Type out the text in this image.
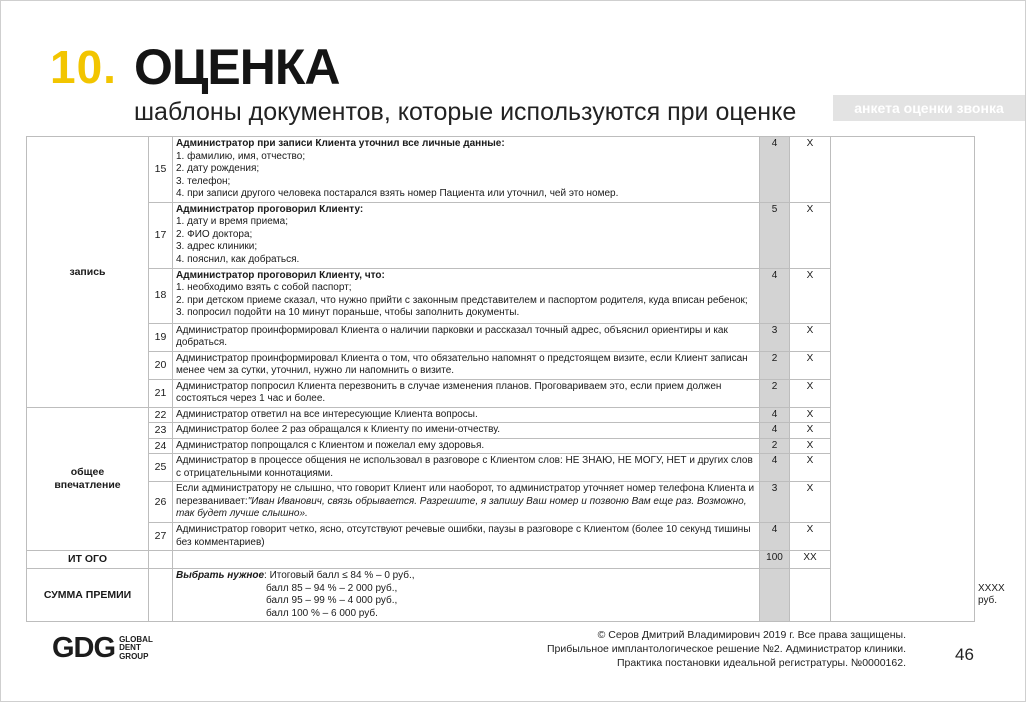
10. ОЦЕНКА
шаблоны документов, которые используются при оценке	анкета оценки звонка
запись	15	Администратор при записи Клиента уточнил все личные данные:
1. фамилию, имя, отчество;
2. дату рождения;
3. телефон;
4. при записи другого человека постарался взять номер Пациента или уточнил, чей это номер.	4	Х		
	17	Администратор проговорил Клиенту:
1. дату и время приема;
2. ФИО доктора;
3. адрес клиники;
4. пояснил, как добраться.	5	Х		
	18	Администратор проговорил Клиенту, что:
1. необходимо взять с собой паспорт;
2. при детском приеме сказал, что нужно прийти с законным представителем и паспортом родителя, куда вписан ребенок;
3. попросил подойти на 10 минут пораньше, чтобы заполнить документы.	4	Х		
	19	Администратор проинформировал Клиента о наличии парковки и рассказал точный адрес, объяснил ориентиры и как добраться.	3	Х		
	20	Администратор проинформировал Клиента о том, что обязательно напомнят о предстоящем визите, если Клиент записан менее чем за сутки, уточнил, нужно ли напомнить о визите.	2	Х		
	21	Администратор попросил Клиента перезвонить в случае изменения планов. Проговариваем это, если прием должен состояться через 1 час и более.	2	Х		
общее впечатление	22	Администратор ответил на все интересующие Клиента вопросы.	4	Х		
	23	Администратор более 2 раз обращался к Клиенту по имени-отчеству.	4	Х		
	24	Администратор попрощался с Клиентом и пожелал ему здоровья.	2	Х		
	25	Администратор в процессе общения не использовал в разговоре с Клиентом слов: НЕ ЗНАЮ, НЕ МОГУ, НЕТ и других слов с отрицательными коннотациями.	4	Х		
	26	Если администратору не слышно, что говорит Клиент или наоборот, то администратор уточняет номер телефона Клиента и перезванивает:"Иван Иванович, связь обрывается. Разрешите, я запишу Ваш номер и позвоню Вам еще раз. Возможно, так будет лучше слышно».	3	Х		
	27	Администратор говорит четко, ясно, отсутствуют речевые ошибки, паузы в разговоре с Клиентом (более 10 секунд тишины без комментариев)	4	Х		
ИТ ОГО			100	ХХ		
СУММА ПРЕМИИ		Выбрать нужное: Итоговый балл ≤ 84 % – 0 руб.,
балл 85 – 94 % – 2 000 руб.,
балл 95 – 99 % – 4 000 руб.,
балл 100 % – 6 000 руб.				ХХХХ руб.
GDG GLOBAL
DENT
GROUP
© Серов Дмитрий Владимирович 2019 г. Все права защищены.
Прибыльное имплантологическое решение №2. Администратор клиники.
Практика постановки идеальной регистратуры. №0000162.	46
